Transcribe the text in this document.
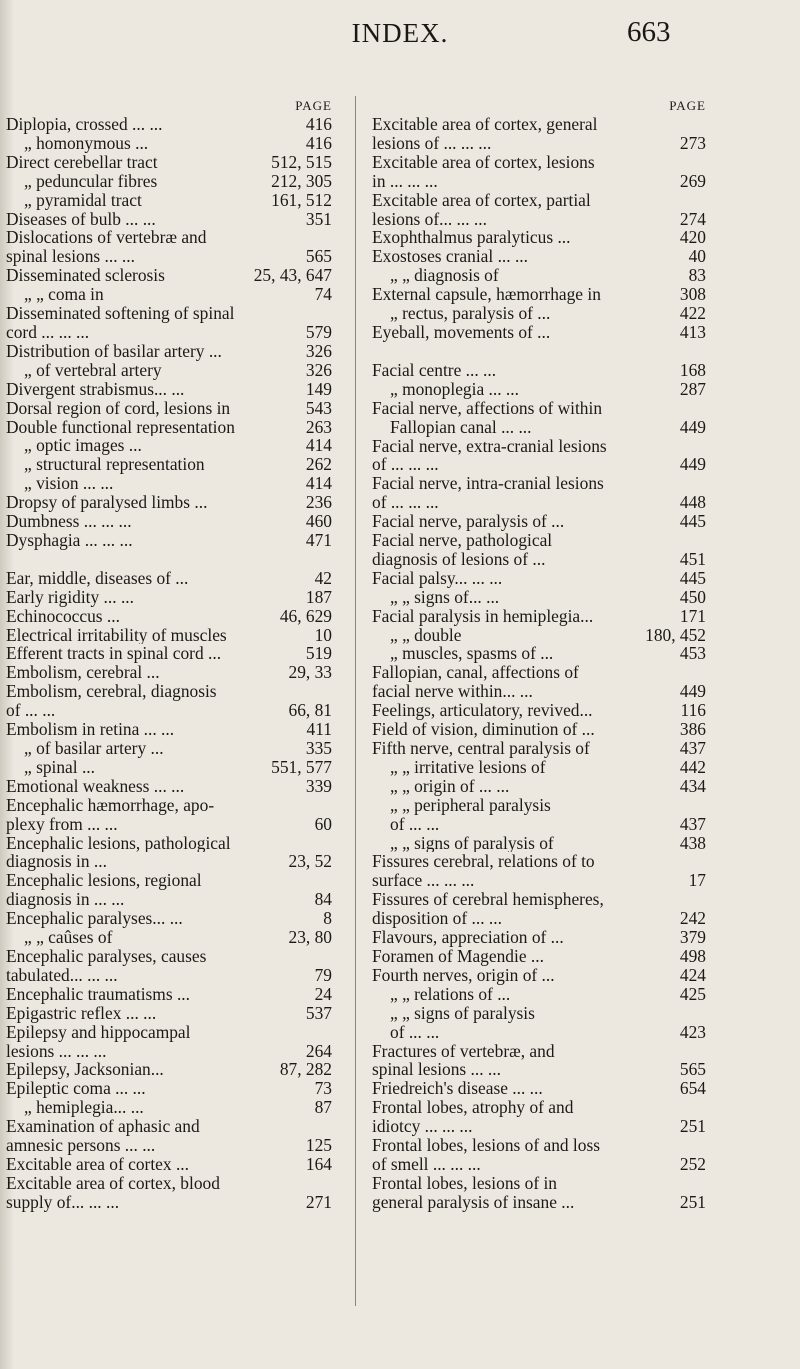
INDEX.	663
PAGE
Diplopia, crossed ... ...	416
„ homonymous ...	416
Direct cerebellar tract	512, 515
„ peduncular fibres	212, 305
„ pyramidal tract	161, 512
Diseases of bulb ... ...	351
Dislocations of vertebræ and
spinal lesions ... ...	565
Disseminated sclerosis	25, 43, 647
„ „ coma in	74
Disseminated softening of spinal
cord ... ... ...	579
Distribution of basilar artery ...	326
„ of vertebral artery	326
Divergent strabismus... ...	149
Dorsal region of cord, lesions in	543
Double functional representation	263
„ optic images ...	414
„ structural representation	262
„ vision ... ...	414
Dropsy of paralysed limbs ...	236
Dumbness ... ... ...	460
Dysphagia ... ... ...	471
Ear, middle, diseases of ...	42
Early rigidity ... ...	187
Echinococcus ...	46, 629
Electrical irritability of muscles	10
Efferent tracts in spinal cord ...	519
Embolism, cerebral ...	29, 33
Embolism, cerebral, diagnosis
of ... ...	66, 81
Embolism in retina ... ...	411
„ of basilar artery ...	335
„ spinal ...	551, 577
Emotional weakness ... ...	339
Encephalic hæmorrhage, apo-
plexy from ... ...	60
Encephalic lesions, pathological
diagnosis in ...	23, 52
Encephalic lesions, regional
diagnosis in ... ...	84
Encephalic paralyses... ...	8
„ „ caûses of	23, 80
Encephalic paralyses, causes
tabulated... ... ...	79
Encephalic traumatisms ...	24
Epigastric reflex ... ...	537
Epilepsy and hippocampal
lesions ... ... ...	264
Epilepsy, Jacksonian...	87, 282
Epileptic coma ... ...	73
„ hemiplegia... ...	87
Examination of aphasic and
amnesic persons ... ...	125
Excitable area of cortex ...	164
Excitable area of cortex, blood
supply of... ... ...	271
PAGE
Excitable area of cortex, general
lesions of ... ... ...	273
Excitable area of cortex, lesions
in ... ... ...	269
Excitable area of cortex, partial
lesions of... ... ...	274
Exophthalmus paralyticus ...	420
Exostoses cranial ... ...	40
„ „ diagnosis of	83
External capsule, hæmorrhage in	308
„ rectus, paralysis of ...	422
Eyeball, movements of ...	413
Facial centre ... ...	168
„ monoplegia ... ...	287
Facial nerve, affections of within
Fallopian canal ... ...	449
Facial nerve, extra-cranial lesions
of ... ... ...	449
Facial nerve, intra-cranial lesions
of ... ... ...	448
Facial nerve, paralysis of ...	445
Facial nerve, pathological
diagnosis of lesions of ...	451
Facial palsy... ... ...	445
„ „ signs of... ...	450
Facial paralysis in hemiplegia...	171
„ „ double	180, 452
„ muscles, spasms of ...	453
Fallopian, canal, affections of
facial nerve within... ...	449
Feelings, articulatory, revived...	116
Field of vision, diminution of ...	386
Fifth nerve, central paralysis of	437
„ „ irritative lesions of	442
„ „ origin of ... ...	434
„ „ peripheral paralysis
of ... ...	437
„ „ signs of paralysis of	438
Fissures cerebral, relations of to
surface ... ... ...	17
Fissures of cerebral hemispheres,
disposition of ... ...	242
Flavours, appreciation of ...	379
Foramen of Magendie ...	498
Fourth nerves, origin of ...	424
„ „ relations of ...	425
„ „ signs of paralysis
of ... ...	423
Fractures of vertebræ, and
spinal lesions ... ...	565
Friedreich's disease ... ...	654
Frontal lobes, atrophy of and
idiotcy ... ... ...	251
Frontal lobes, lesions of and loss
of smell ... ... ...	252
Frontal lobes, lesions of in
general paralysis of insane ...	251
